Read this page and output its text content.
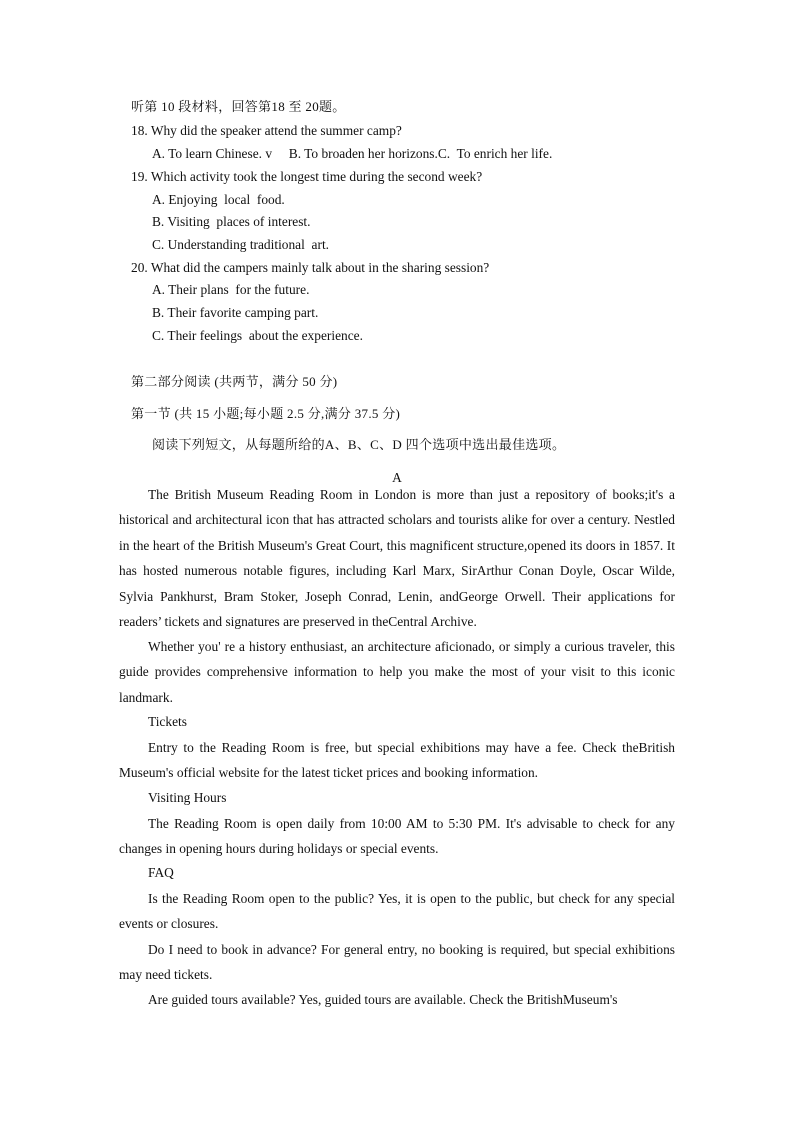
听第 10 段材料，回答第18 至 20题。
18. Why did the speaker attend the summer camp?
A. To learn Chinese. v     B. To broaden her horizons.C.  To enrich her life.
19. Which activity took the longest time during the second week?
A. Enjoying  local  food.
B. Visiting  places of interest.
C. Understanding traditional  art.
20. What did the campers mainly talk about in the sharing session?
A. Their plans  for the future.
B. Their favorite camping part.
C. Their feelings  about the experience.
第二部分阅读 (共两节，满分 50 分)
第一节 (共 15 小题;每小题 2.5 分,满分 37.5 分)
阅读下列短文，从每题所给的A、B、C、D 四个选项中选出最佳选项。
A

The British Museum Reading Room in London is more than just a repository of books;it's a historical and architectural icon that has attracted scholars and tourists alike for over a century. Nestled in the heart of the British Museum's Great Court, this magnificent structure,opened its doors in 1857. It has hosted numerous notable figures, including Karl Marx, SirArthur Conan Doyle, Oscar Wilde, Sylvia Pankhurst, Bram Stoker, Joseph Conrad, Lenin, andGeorge Orwell. Their applications for readers’ tickets and signatures are preserved in theCentral Archive.

Whether you' re a history enthusiast, an architecture aficionado, or simply a curious traveler, this guide provides comprehensive information to help you make the most of your visit to this iconic landmark.

Tickets

Entry to the Reading Room is free, but special exhibitions may have a fee. Check theBritish Museum's official website for the latest ticket prices and booking information.

Visiting Hours

The Reading Room is open daily from 10:00 AM to 5:30 PM. It's advisable to check for any changes in opening hours during holidays or special events.

FAQ

Is the Reading Room open to the public? Yes, it is open to the public, but check for any special events or closures.

Do I need to book in advance? For general entry, no booking is required, but special exhibitions may need tickets.

Are guided tours available? Yes, guided tours are available. Check the BritishMuseum's
